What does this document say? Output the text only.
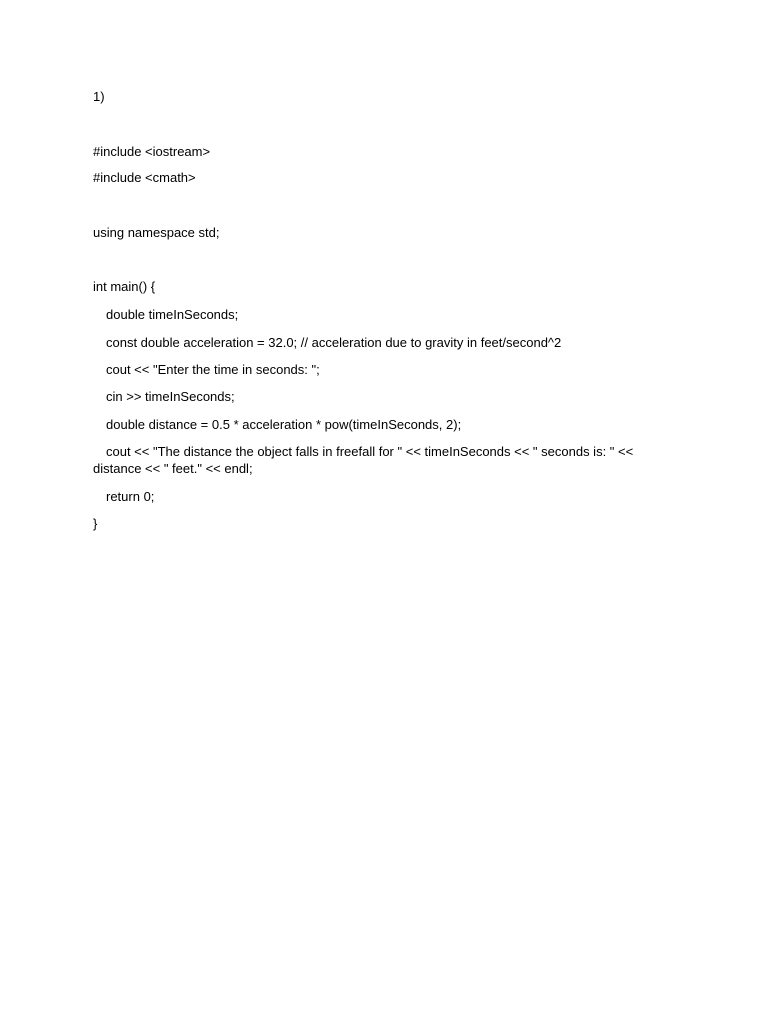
1)
#include <iostream>
#include <cmath>
using namespace std;
int main() {
double timeInSeconds;
const double acceleration = 32.0; // acceleration due to gravity in feet/second^2
cout << "Enter the time in seconds: ";
cin >> timeInSeconds;
double distance = 0.5 * acceleration * pow(timeInSeconds, 2);
cout << "The distance the object falls in freefall for " << timeInSeconds << " seconds is: " << distance << " feet." << endl;
return 0;
}
